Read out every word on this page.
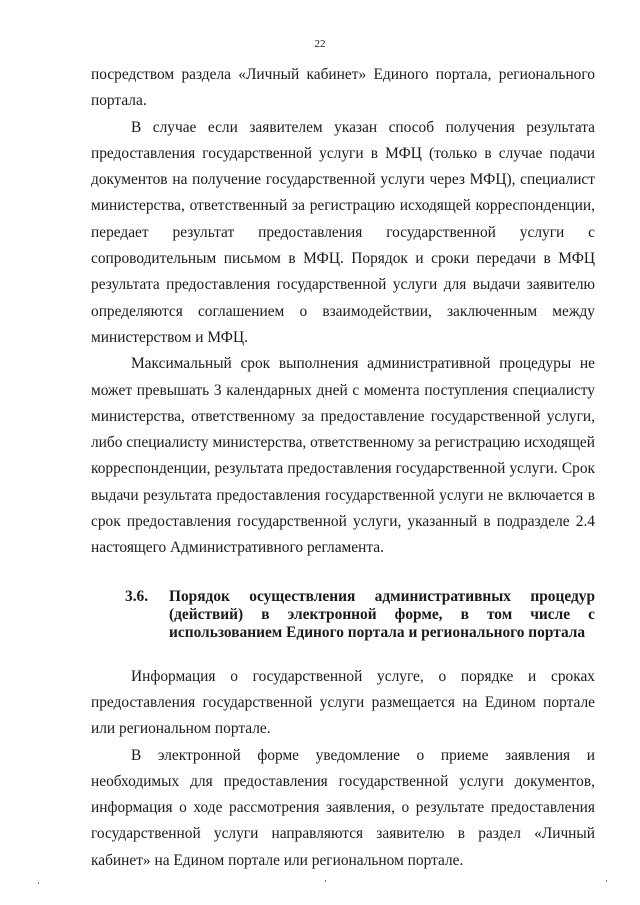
22

посредством раздела «Личный кабинет» Единого портала, регионального портала.

В случае если заявителем указан способ получения результата предоставления государственной услуги в МФЦ (только в случае подачи документов на получение государственной услуги через МФЦ), специалист министерства, ответственный за регистрацию исходящей корреспонденции, передает результат предоставления государственной услуги с сопроводительным письмом в МФЦ. Порядок и сроки передачи в МФЦ результата предоставления государственной услуги для выдачи заявителю определяются соглашением о взаимодействии, заключенным между министерством и МФЦ.

Максимальный срок выполнения административной процедуры не может превышать 3 календарных дней с момента поступления специалисту министерства, ответственному за предоставление государственной услуги, либо специалисту министерства, ответственному за регистрацию исходящей корреспонденции, результата предоставления государственной услуги. Срок выдачи результата предоставления государственной услуги не включается в срок предоставления государственной услуги, указанный в подразделе 2.4 настоящего Административного регламента.

3.6.	Порядок осуществления административных процедур (действий) в электронной форме, в том числе с использованием Единого портала и регионального портала

Информация о государственной услуге, о порядке и сроках предоставления государственной услуги размещается на Едином портале или региональном портале.

В электронной форме уведомление о приеме заявления и необходимых для предоставления государственной услуги документов, информация о ходе рассмотрения заявления, о результате предоставления государственной услуги направляются заявителю в раздел «Личный кабинет» на Едином портале или региональном портале.
